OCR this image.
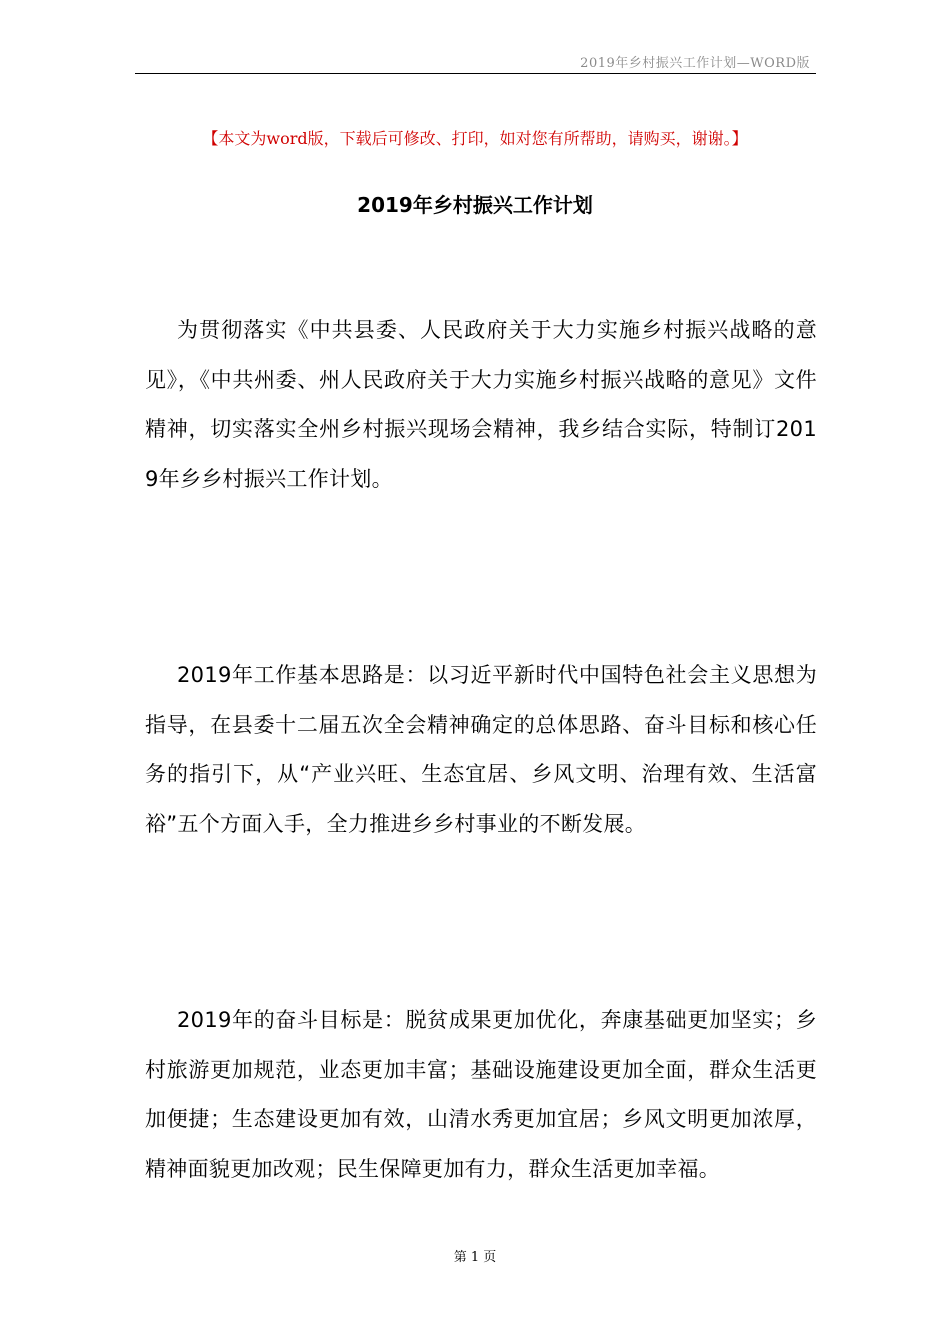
2019年乡村振兴工作计划—WORD版
【本文为word版，下载后可修改、打印，如对您有所帮助，请购买，谢谢。】
2019年乡村振兴工作计划

为贯彻落实《中共县委、人民政府关于大力实施乡村振兴战略的意见》，《中共州委、州人民政府关于大力实施乡村振兴战略的意见》文件精神，切实落实全州乡村振兴现场会精神，我乡结合实际，特制订2019年乡乡村振兴工作计划。

2019年工作基本思路是：以习近平新时代中国特色社会主义思想为指导，在县委十二届五次全会精神确定的总体思路、奋斗目标和核心任务的指引下，从“产业兴旺、生态宜居、乡风文明、治理有效、生活富裕”五个方面入手，全力推进乡乡村事业的不断发展。

2019年的奋斗目标是：脱贫成果更加优化，奔康基础更加坚实；乡村旅游更加规范，业态更加丰富；基础设施建设更加全面，群众生活更加便捷；生态建设更加有效，山清水秀更加宜居；乡风文明更加浓厚，精神面貌更加改观；民生保障更加有力，群众生活更加幸福。

第 1 页
